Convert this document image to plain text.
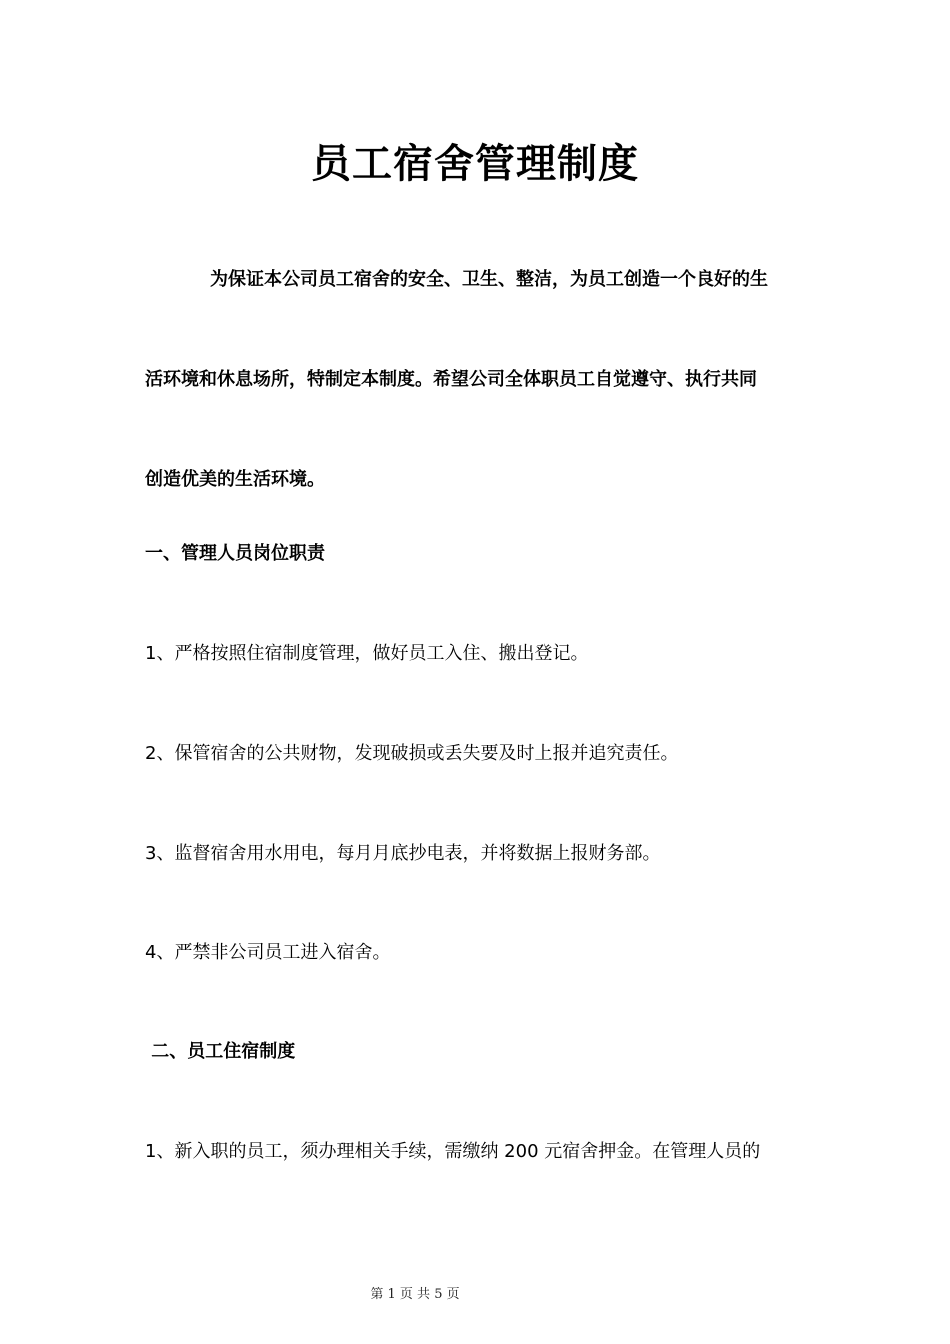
员工宿舍管理制度
为保证本公司员工宿舍的安全、卫生、整洁，为员工创造一个良好的生
活环境和休息场所，特制定本制度。希望公司全体职员工自觉遵守、执行共同
创造优美的生活环境。
一、管理人员岗位职责
1、严格按照住宿制度管理，做好员工入住、搬出登记。
2、保管宿舍的公共财物，发现破损或丢失要及时上报并追究责任。
3、监督宿舍用水用电，每月月底抄电表，并将数据上报财务部。
4、严禁非公司员工进入宿舍。
二、员工住宿制度
1、新入职的员工，须办理相关手续，需缴纳 200 元宿舍押金。在管理人员的
第 1 页 共 5 页
